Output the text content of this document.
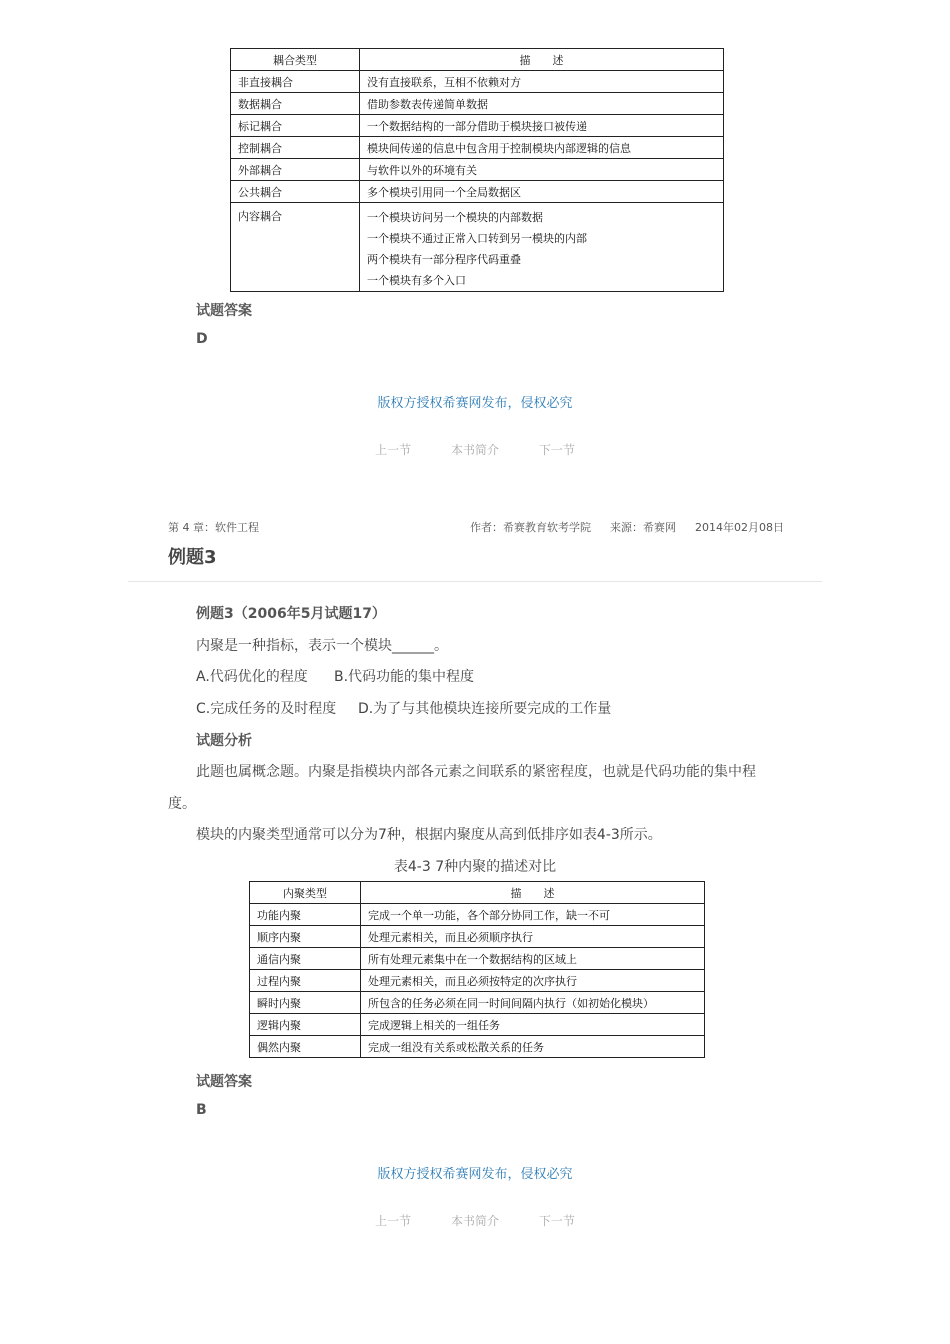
耦合类型	描　　述
非直接耦合	没有直接联系，互相不依赖对方
数据耦合	借助参数表传递简单数据
标记耦合	一个数据结构的一部分借助于模块接口被传递
控制耦合	模块间传递的信息中包含用于控制模块内部逻辑的信息
外部耦合	与软件以外的环境有关
公共耦合	多个模块引用同一个全局数据区
内容耦合	一个模块访问另一个模块的内部数据
一个模块不通过正常入口转到另一模块的内部
两个模块有一部分程序代码重叠
一个模块有多个入口
试题答案
D
版权方授权希赛网发布，侵权必究
上一节	本书简介	下一节
第 4 章：软件工程	作者：希赛教育软考学院 来源：希赛网 2014年02月08日
例题3
例题3（2006年5月试题17）
内聚是一种指标，表示一个模块______。
A.代码优化的程度 B.代码功能的集中程度
C.完成任务的及时程度 D.为了与其他模块连接所要完成的工作量
试题分析
此题也属概念题。内聚是指模块内部各元素之间联系的紧密程度，也就是代码功能的集中程
度。
模块的内聚类型通常可以分为7种，根据内聚度从高到低排序如表4-3所示。
表4-3 7种内聚的描述对比
内聚类型	描　　述
功能内聚	完成一个单一功能，各个部分协同工作，缺一不可
顺序内聚	处理元素相关，而且必须顺序执行
通信内聚	所有处理元素集中在一个数据结构的区域上
过程内聚	处理元素相关，而且必须按特定的次序执行
瞬时内聚	所包含的任务必须在同一时间间隔内执行（如初始化模块）
逻辑内聚	完成逻辑上相关的一组任务
偶然内聚	完成一组没有关系或松散关系的任务
试题答案
B
版权方授权希赛网发布，侵权必究
上一节	本书简介	下一节
